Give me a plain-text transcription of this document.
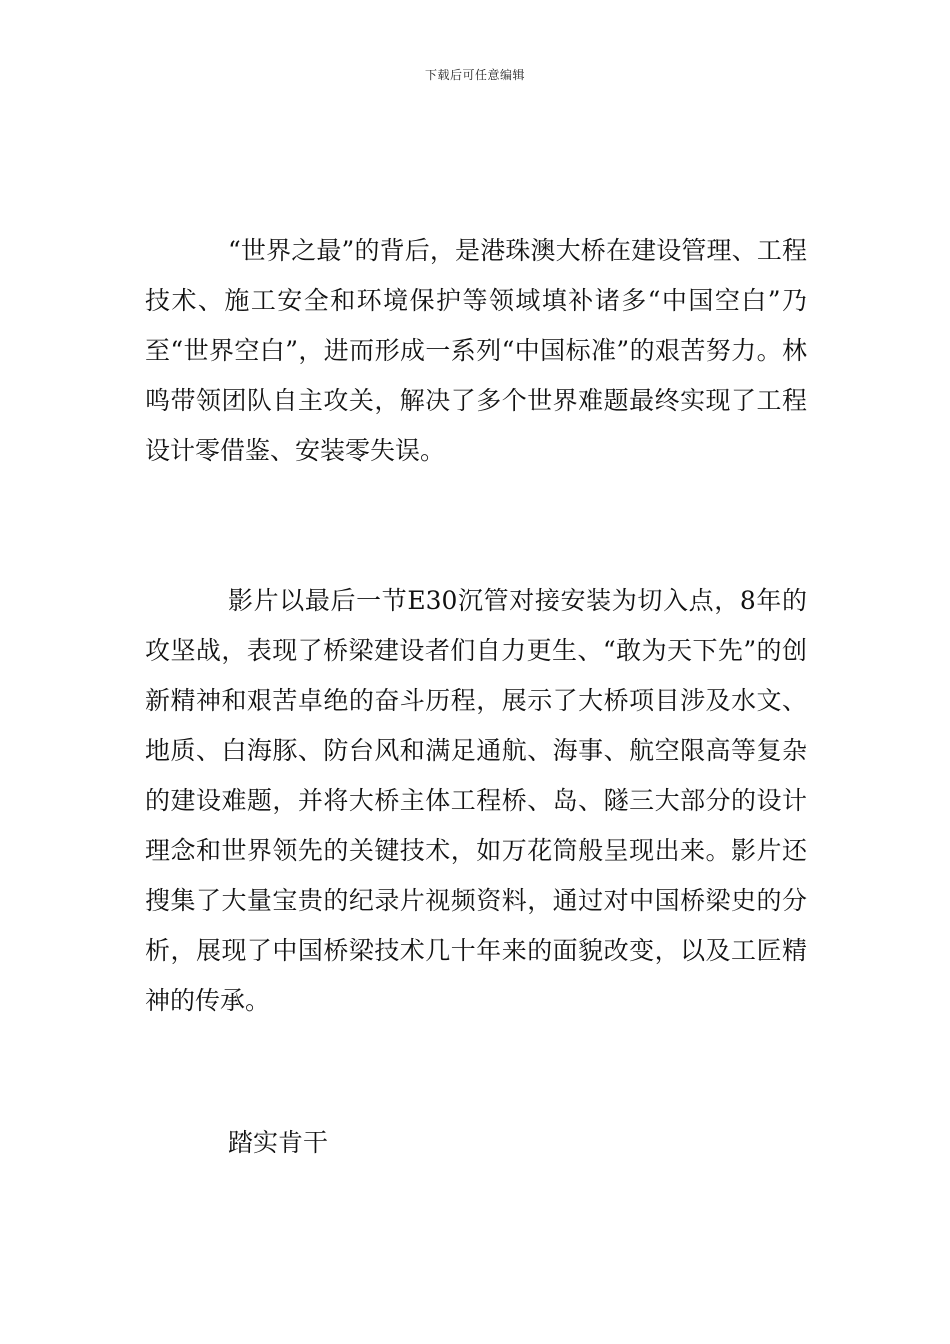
下载后可任意编辑

“世界之最”的背后，是港珠澳大桥在建设管理、工程技术、施工安全和环境保护等领域填补诸多“中国空白”乃至“世界空白”，进而形成一系列“中国标准”的艰苦努力。林鸣带领团队自主攻关，解决了多个世界难题最终实现了工程设计零借鉴、安装零失误。

影片以最后一节E30沉管对接安装为切入点，8年的攻坚战，表现了桥梁建设者们自力更生、“敢为天下先”的创新精神和艰苦卓绝的奋斗历程，展示了大桥项目涉及水文、地质、白海豚、防台风和满足通航、海事、航空限高等复杂的建设难题，并将大桥主体工程桥、岛、隧三大部分的设计理念和世界领先的关键技术，如万花筒般呈现出来。影片还搜集了大量宝贵的纪录片视频资料，通过对中国桥梁史的分析，展现了中国桥梁技术几十年来的面貌改变，以及工匠精神的传承。

踏实肯干
